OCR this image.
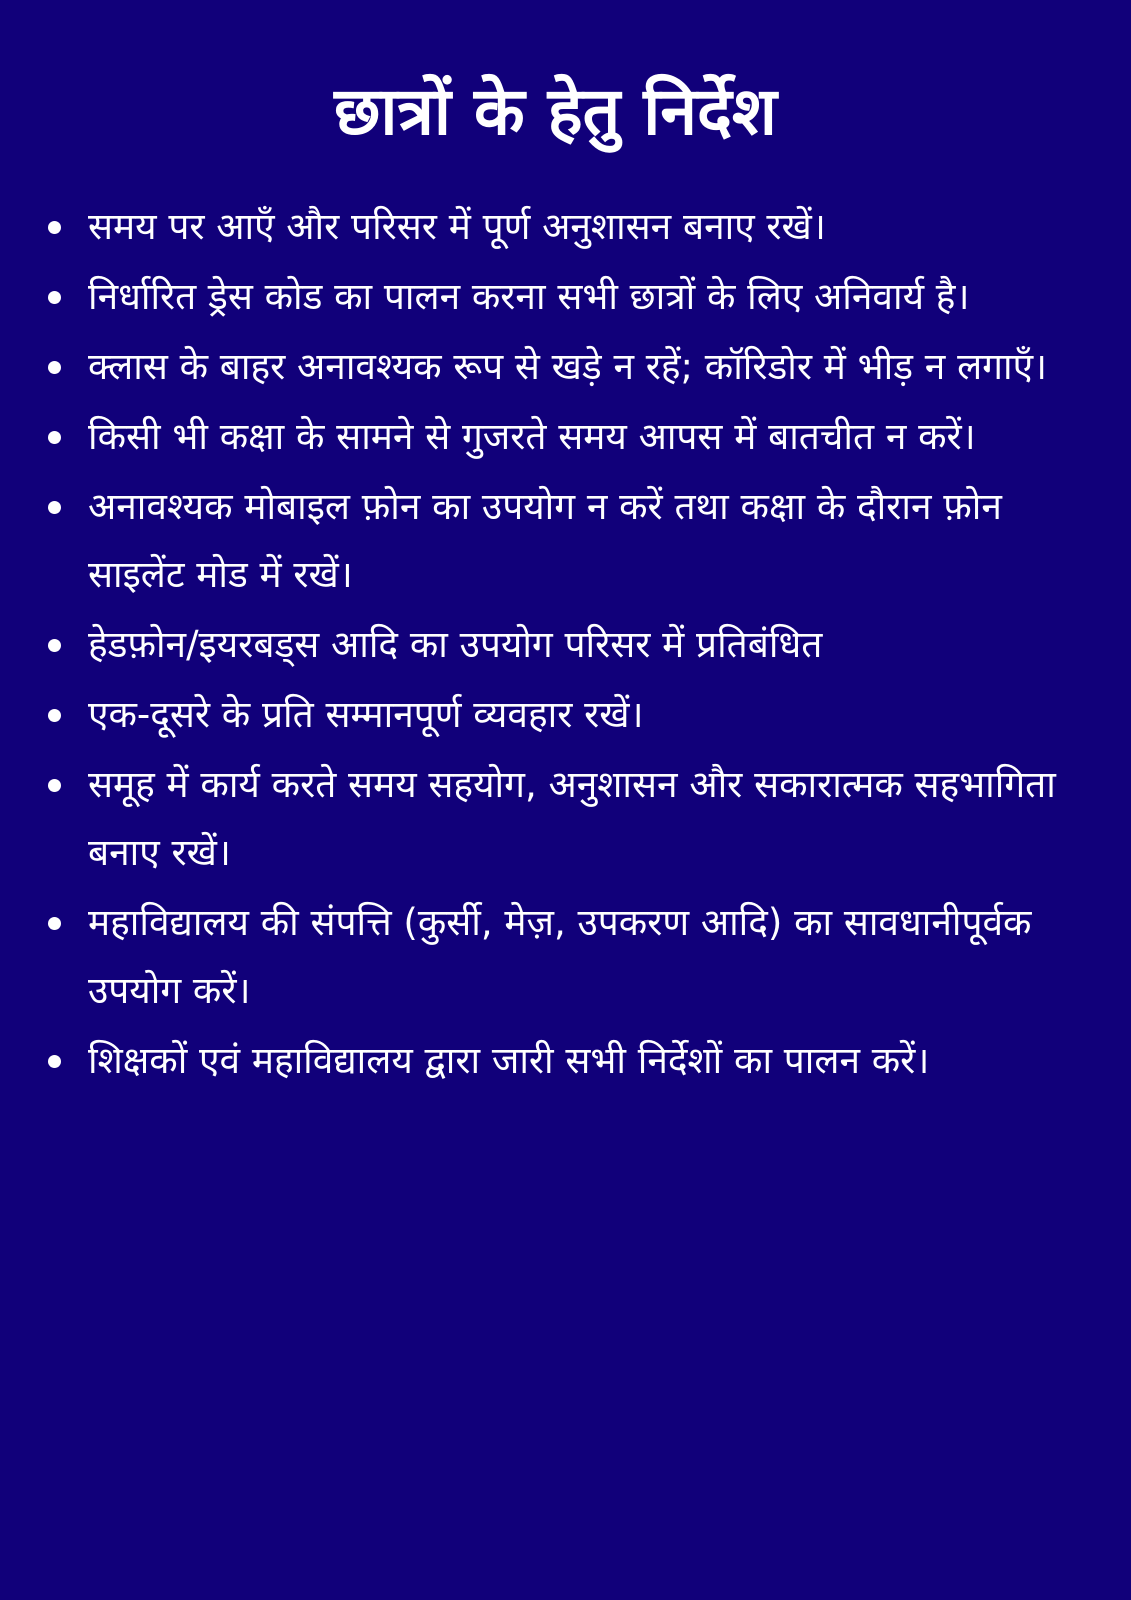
छात्रों के हेतु निर्देश
समय पर आएँ और परिसर में पूर्ण अनुशासन बनाए रखें।
निर्धारित ड्रेस कोड का पालन करना सभी छात्रों के लिए अनिवार्य है।
क्लास के बाहर अनावश्यक रूप से खड़े न रहें; कॉरिडोर में भीड़ न लगाएँ।
किसी भी कक्षा के सामने से गुजरते समय आपस में बातचीत न करें।
अनावश्यक मोबाइल फ़ोन का उपयोग न करें तथा कक्षा के दौरान फ़ोन साइलेंट मोड में रखें।
हेडफ़ोन/इयरबड्स आदि का उपयोग परिसर में प्रतिबंधित
एक-दूसरे के प्रति सम्मानपूर्ण व्यवहार रखें।
समूह में कार्य करते समय सहयोग, अनुशासन और सकारात्मक सहभागिता बनाए रखें।
महाविद्यालय की संपत्ति (कुर्सी, मेज़, उपकरण आदि) का सावधानीपूर्वक उपयोग करें।
शिक्षकों एवं महाविद्यालय द्वारा जारी सभी निर्देशों का पालन करें।
